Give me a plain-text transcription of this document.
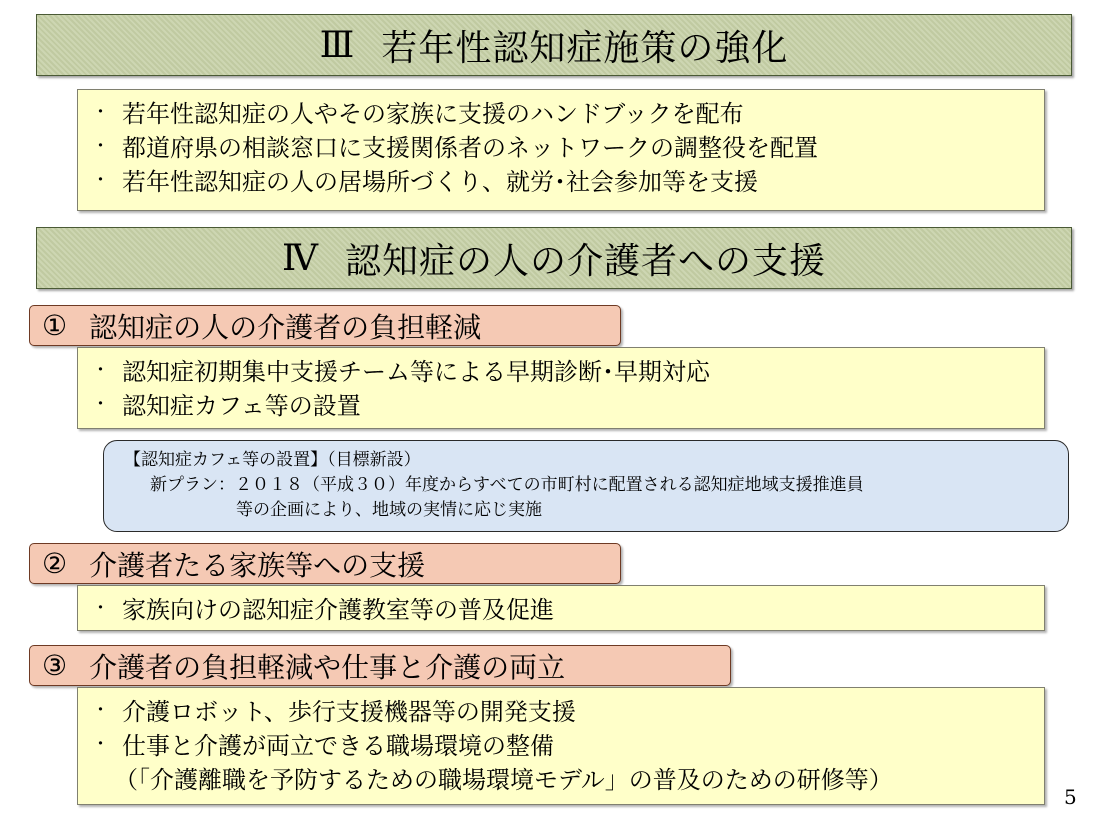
Ⅲ 若年性認知症施策の強化
･ 若年性認知症の人やその家族に支援のハンドブックを配布
･ 都道府県の相談窓口に支援関係者のネットワークの調整役を配置
･ 若年性認知症の人の居場所づくり、就労･社会参加等を支援
Ⅳ 認知症の人の介護者への支援
① 認知症の人の介護者の負担軽減
･ 認知症初期集中支援チーム等による早期診断･早期対応
･ 認知症カフェ等の設置
【認知症カフェ等の設置】（目標新設）
新プラン：２０１８（平成３０）年度からすべての市町村に配置される認知症地域支援推進員
等の企画により、地域の実情に応じ実施
② 介護者たる家族等への支援
･ 家族向けの認知症介護教室等の普及促進
③ 介護者の負担軽減や仕事と介護の両立
･ 介護ロボット、歩行支援機器等の開発支援
･ 仕事と介護が両立できる職場環境の整備
（「介護離職を予防するための職場環境モデル」の普及のための研修等）
5
